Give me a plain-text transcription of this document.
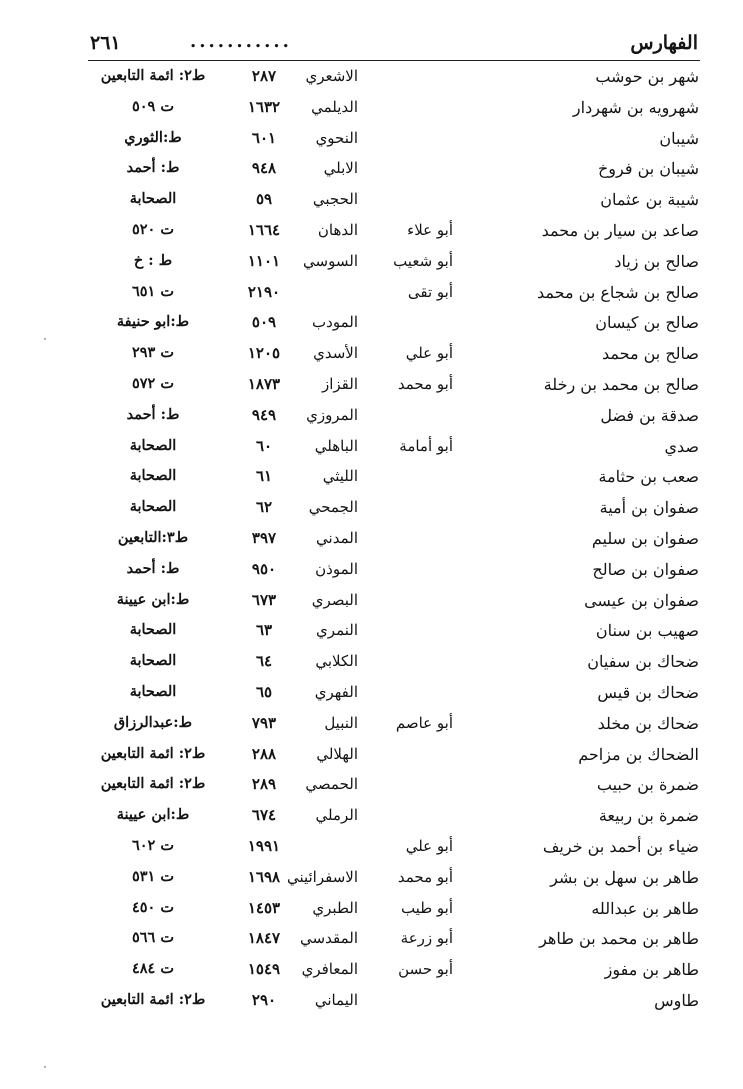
الفهارس
...........
٢٦١
شهر بن حوشب
الاشعري
٢٨٧
ط٢: ائمة التابعين
شهرويه بن شهردار
الديلمي
١٦٣٢
ت ٥٠٩
شيبان
النحوي
٦٠١
ط:الثوري
شيبان بن فروخ
الابلي
٩٤٨
ط: أحمد
شيبة بن عثمان
الحجبي
٥٩
الصحابة
صاعد بن سيار بن محمد
أبو علاء
الدهان
١٦٦٤
ت ٥٢٠
صالح بن زياد
أبو شعيب
السوسي
١١٠١
ط : خ
صالح بن شجاع بن محمد
أبو تقى
٢١٩٠
ت ٦٥١
صالح بن كيسان
المودب
٥٠٩
ط:ابو حنيفة
صالح بن محمد
أبو علي
الأسدي
١٢٠٥
ت ٢٩٣
صالح بن محمد بن رخلة
أبو محمد
القزاز
١٨٧٣
ت ٥٧٢
صدقة بن فضل
المروزي
٩٤٩
ط: أحمد
صدي
أبو أمامة
الباهلي
٦٠
الصحابة
صعب بن حثامة
الليثي
٦١
الصحابة
صفوان بن أمية
الجمحي
٦٢
الصحابة
صفوان بن سليم
المدني
٣٩٧
ط٣:التابعين
صفوان بن صالح
الموذن
٩٥٠
ط: أحمد
صفوان بن عيسى
البصري
٦٧٣
ط:ابن عيينة
صهيب بن سنان
النمري
٦٣
الصحابة
ضحاك بن سفيان
الكلابي
٦٤
الصحابة
ضحاك بن قيس
الفهري
٦٥
الصحابة
ضحاك بن مخلد
أبو عاصم
النبيل
٧٩٣
ط:عبدالرزاق
الضحاك بن مزاحم
الهلالي
٢٨٨
ط٢: ائمة التابعين
ضمرة بن حبيب
الحمصي
٢٨٩
ط٢: ائمة التابعين
ضمرة بن ربيعة
الرملي
٦٧٤
ط:ابن عيينة
ضياء بن أحمد بن خريف
أبو علي
١٩٩١
ت ٦٠٢
طاهر بن سهل بن بشر
أبو محمد
الاسفرائيني
١٦٩٨
ت ٥٣١
طاهر بن عبدالله
أبو طيب
الطبري
١٤٥٣
ت ٤٥٠
طاهر بن محمد بن طاهر
أبو زرعة
المقدسي
١٨٤٧
ت ٥٦٦
طاهر بن مفوز
أبو حسن
المعافري
١٥٤٩
ت ٤٨٤
طاوس
اليماني
٢٩٠
ط٢: ائمة التابعين
